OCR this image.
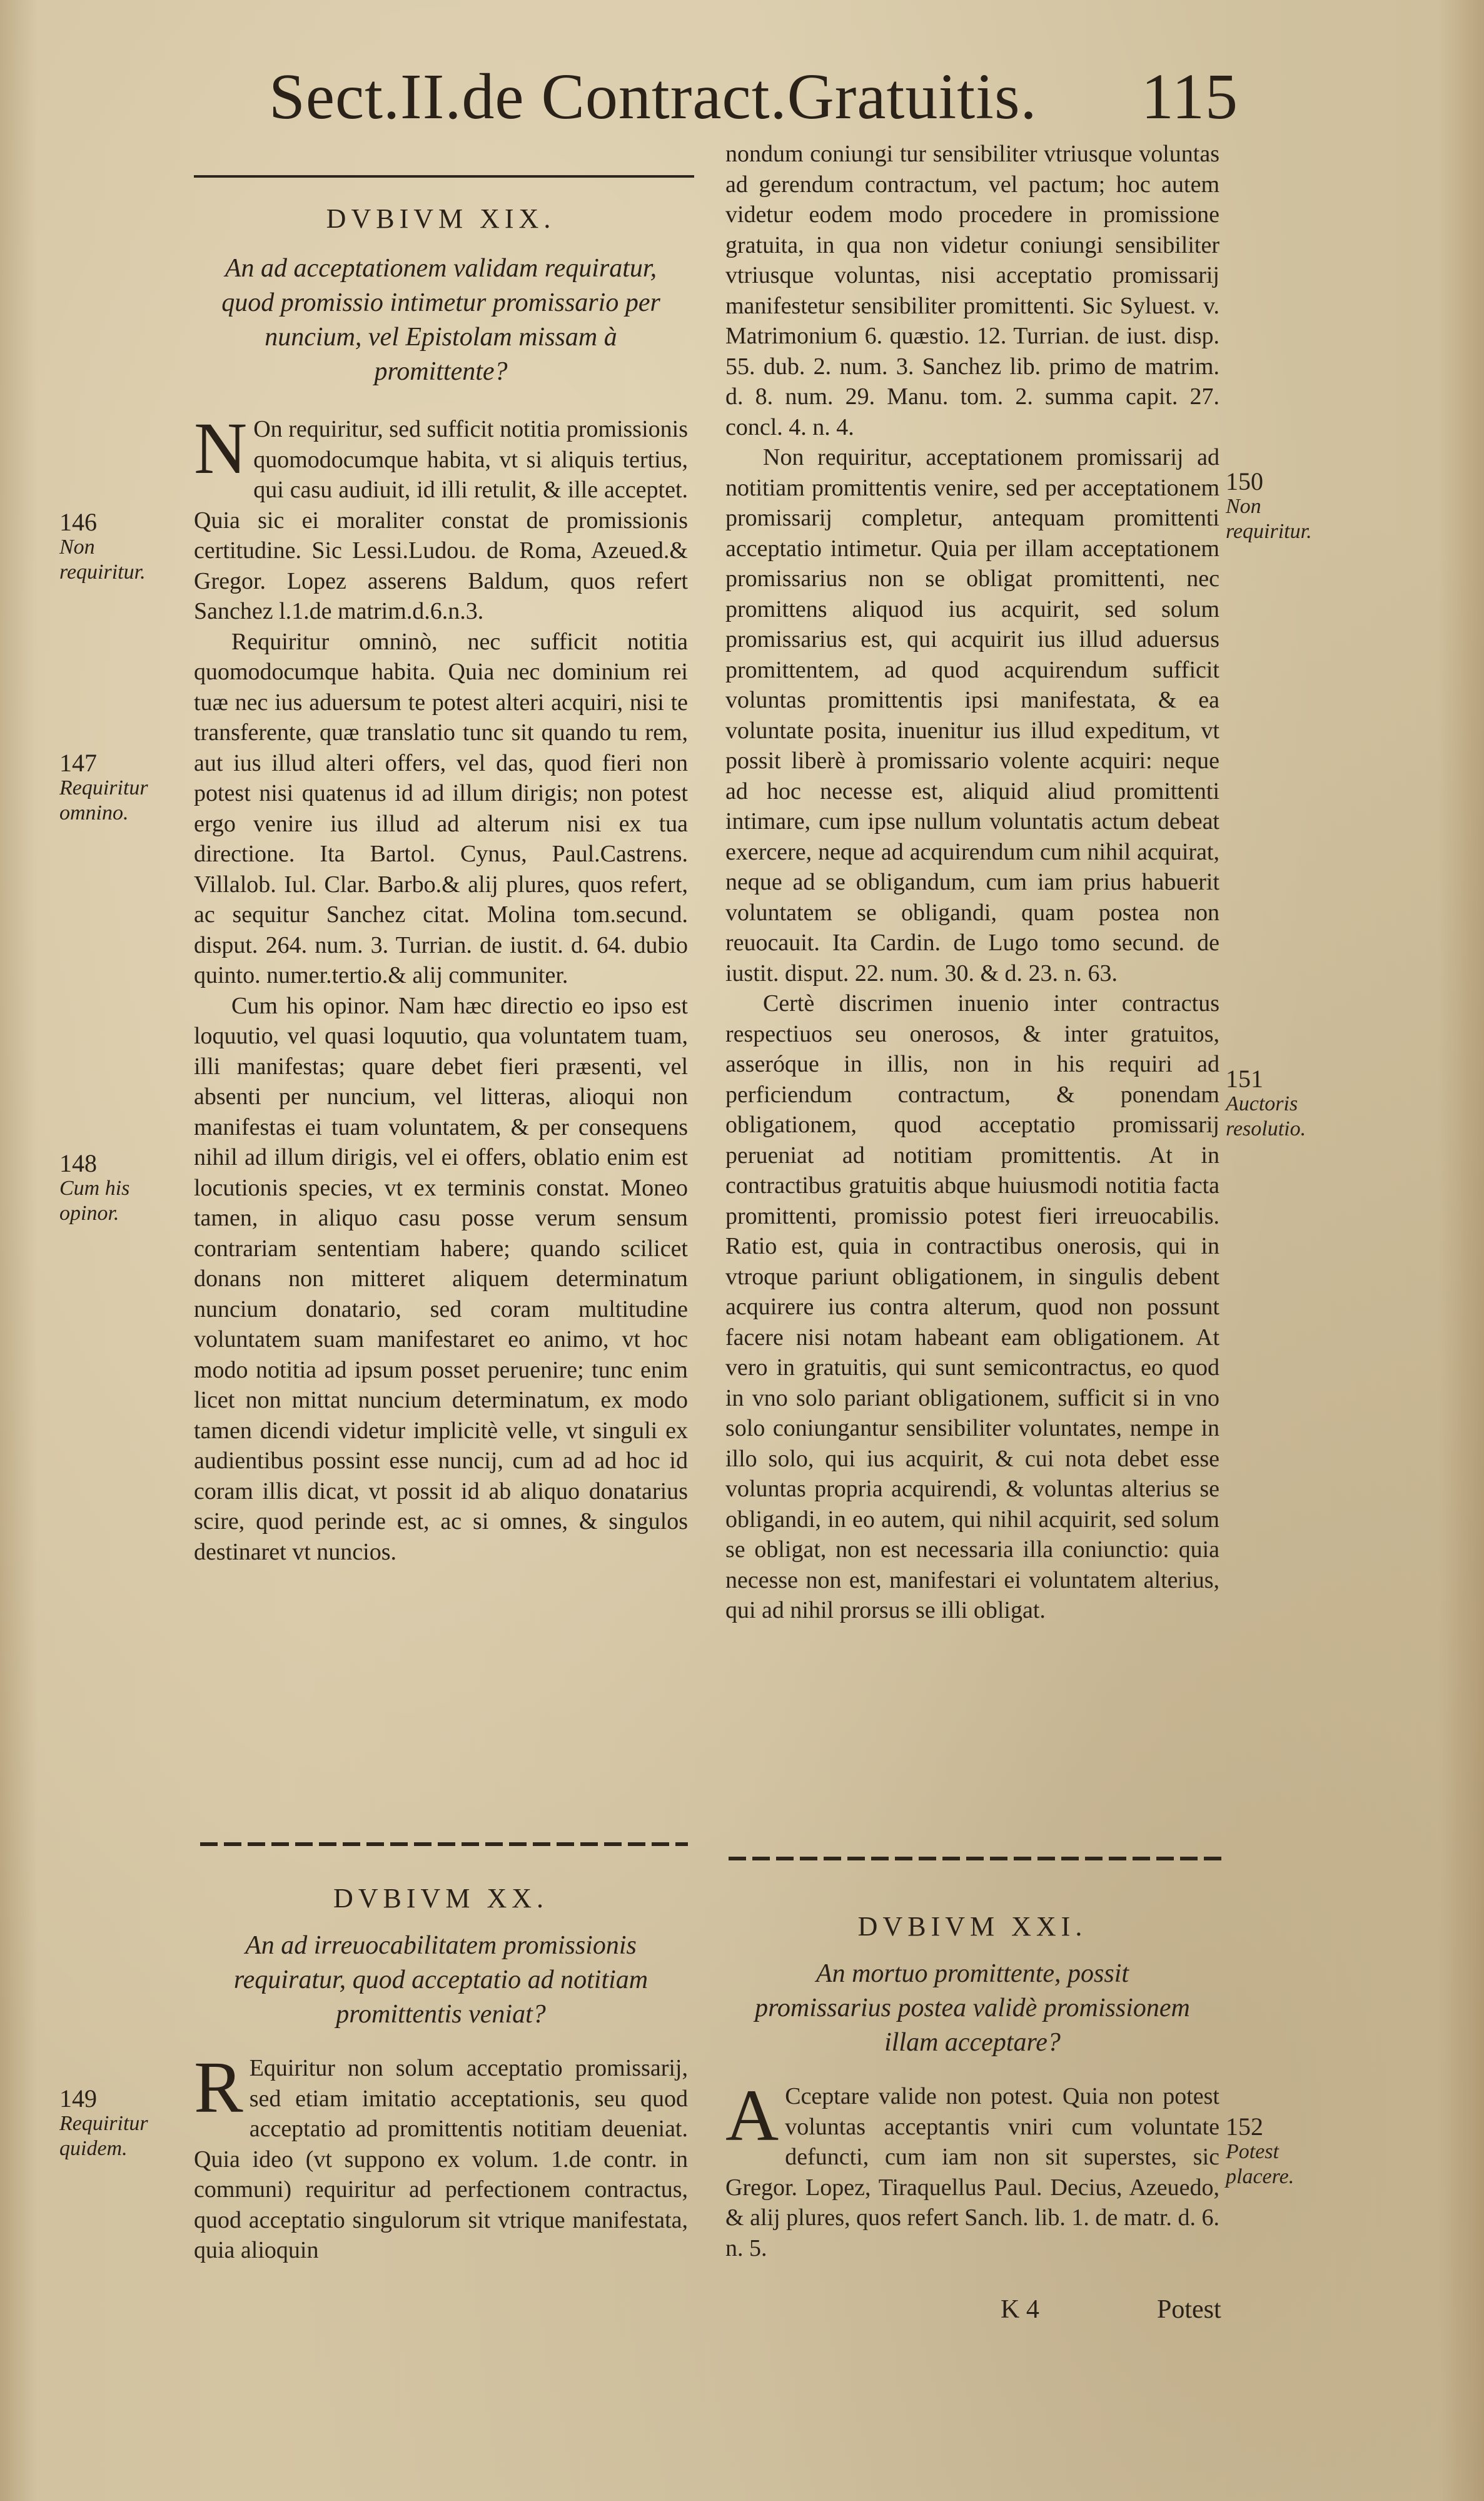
Sect.II.de Contract.Gratuitis. 115

DVBIVM XIX.

An ad acceptationem validam requiratur, quod promissio intimetur promissario per nuncium, vel Epistolam missam à promittente?

N On requiritur, sed sufficit notitia promissionis quomodocumque habita, vt si aliquis tertius, qui casu audiuit, id illi retulit, & ille acceptet. Quia sic ei moraliter constat de promissionis certitudine. Sic Lessi.Ludou. de Roma, Azeued.& Gregor. Lopez asserens Baldum, quos refert Sanchez l.1.de matrim.d.6.n.3.

Requiritur omninò, nec sufficit notitia quomodocumque habita. Quia nec dominium rei tuæ nec ius aduersum te potest alteri acquiri, nisi te transferente, quæ translatio tunc sit quando tu rem, aut ius illud alteri offers, vel das, quod fieri non potest nisi quatenus id ad illum dirigis; non potest ergo venire ius illud ad alterum nisi ex tua directione. Ita Bartol. Cynus, Paul.Castrens. Villalob. Iul. Clar. Barbo.& alij plures, quos refert, ac sequitur Sanchez citat. Molina tom.secund. disput. 264. num. 3. Turrian. de iustit. d. 64. dubio quinto. numer.tertio.& alij communiter.

Cum his opinor. Nam hæc directio eo ipso est loquutio, vel quasi loquutio, qua voluntatem tuam, illi manifestas; quare debet fieri præsenti, vel absenti per nuncium, vel litteras, alioqui non manifestas ei tuam voluntatem, & per consequens nihil ad illum dirigis, vel ei offers, oblatio enim est locutionis species, vt ex terminis constat. Moneo tamen, in aliquo casu posse verum sensum contrariam sententiam habere; quando scilicet donans non mitteret aliquem determinatum nuncium donatario, sed coram multitudine voluntatem suam manifestaret eo animo, vt hoc modo notitia ad ipsum posset peruenire; tunc enim licet non mittat nuncium determinatum, ex modo tamen dicendi videtur implicitè velle, vt singuli ex audientibus possint esse nuncij, cum ad ad hoc id coram illis dicat, vt possit id ab aliquo donatarius scire, quod perinde est, ac si omnes, & singulos destinaret vt nuncios.

DVBIVM XX.

An ad irreuocabilitatem promissionis requiratur, quod acceptatio ad notitiam promittentis veniat?

R Equiritur non solum acceptatio promissarij, sed etiam imitatio acceptationis, seu quod acceptatio ad promittentis notitiam deueniat. Quia ideo (vt suppono ex volum. 1.de contr. in communi) requiritur ad perfectionem contractus, quod acceptatio singulorum sit vtrique manifestata, quia alioquin

146
Non requiritur.
147
Requiritur omnino.
148
Cum his opinor.
149
Requiritur quidem.

nondum coniungi tur sensibiliter vtriusque voluntas ad gerendum contractum, vel pactum; hoc autem videtur eodem modo procedere in promissione gratuita, in qua non videtur coniungi sensibiliter vtriusque voluntas, nisi acceptatio promissarij manifestetur sensibiliter promittenti. Sic Syluest. v. Matrimonium 6. quæstio. 12. Turrian. de iust. disp. 55. dub. 2. num. 3. Sanchez lib. primo de matrim. d. 8. num. 29. Manu. tom. 2. summa capit. 27. concl. 4. n. 4.

Non requiritur, acceptationem promissarij ad notitiam promittentis venire, sed per acceptationem promissarij completur, antequam promittenti acceptatio intimetur. Quia per illam acceptationem promissarius non se obligat promittenti, nec promittens aliquod ius acquirit, sed solum promissarius est, qui acquirit ius illud aduersus promittentem, ad quod acquirendum sufficit voluntas promittentis ipsi manifestata, & ea voluntate posita, inuenitur ius illud expeditum, vt possit liberè à promissario volente acquiri: neque ad hoc necesse est, aliquid aliud promittenti intimare, cum ipse nullum voluntatis actum debeat exercere, neque ad acquirendum cum nihil acquirat, neque ad se obligandum, cum iam prius habuerit voluntatem se obligandi, quam postea non reuocauit. Ita Cardin. de Lugo tomo secund. de iustit. disput. 22. num. 30. & d. 23. n. 63.

Certè discrimen inuenio inter contractus respectiuos seu onerosos, & inter gratuitos, asseróque in illis, non in his requiri ad perficiendum contractum, & ponendam obligationem, quod acceptatio promissarij perueniat ad notitiam promittentis. At in contractibus gratuitis abque huiusmodi notitia facta promittenti, promissio potest fieri irreuocabilis. Ratio est, quia in contractibus onerosis, qui in vtroque pariunt obligationem, in singulis debent acquirere ius contra alterum, quod non possunt facere nisi notam habeant eam obligationem. At vero in gratuitis, qui sunt semicontractus, eo quod in vno solo pariant obligationem, sufficit si in vno solo coniungantur sensibiliter voluntates, nempe in illo solo, qui ius acquirit, & cui nota debet esse voluntas propria acquirendi, & voluntas alterius se obligandi, in eo autem, qui nihil acquirit, sed solum se obligat, non est necessaria illa coniunctio: quia necesse non est, manifestari ei voluntatem alterius, qui ad nihil prorsus se illi obligat.

DVBIVM XXI.

An mortuo promittente, possit promissarius postea validè promissionem illam acceptare?

A Cceptare valide non potest. Quia non potest voluntas acceptantis vniri cum voluntate defuncti, cum iam non sit superstes, sic Gregor. Lopez, Tiraquellus Paul. Decius, Azeuedo, & alij plures, quos refert Sanch. lib. 1. de matr. d. 6. n. 5.

150
Non requiritur.
151
Auctoris resolutio.
152
Potest placere.
K 4	Potest
